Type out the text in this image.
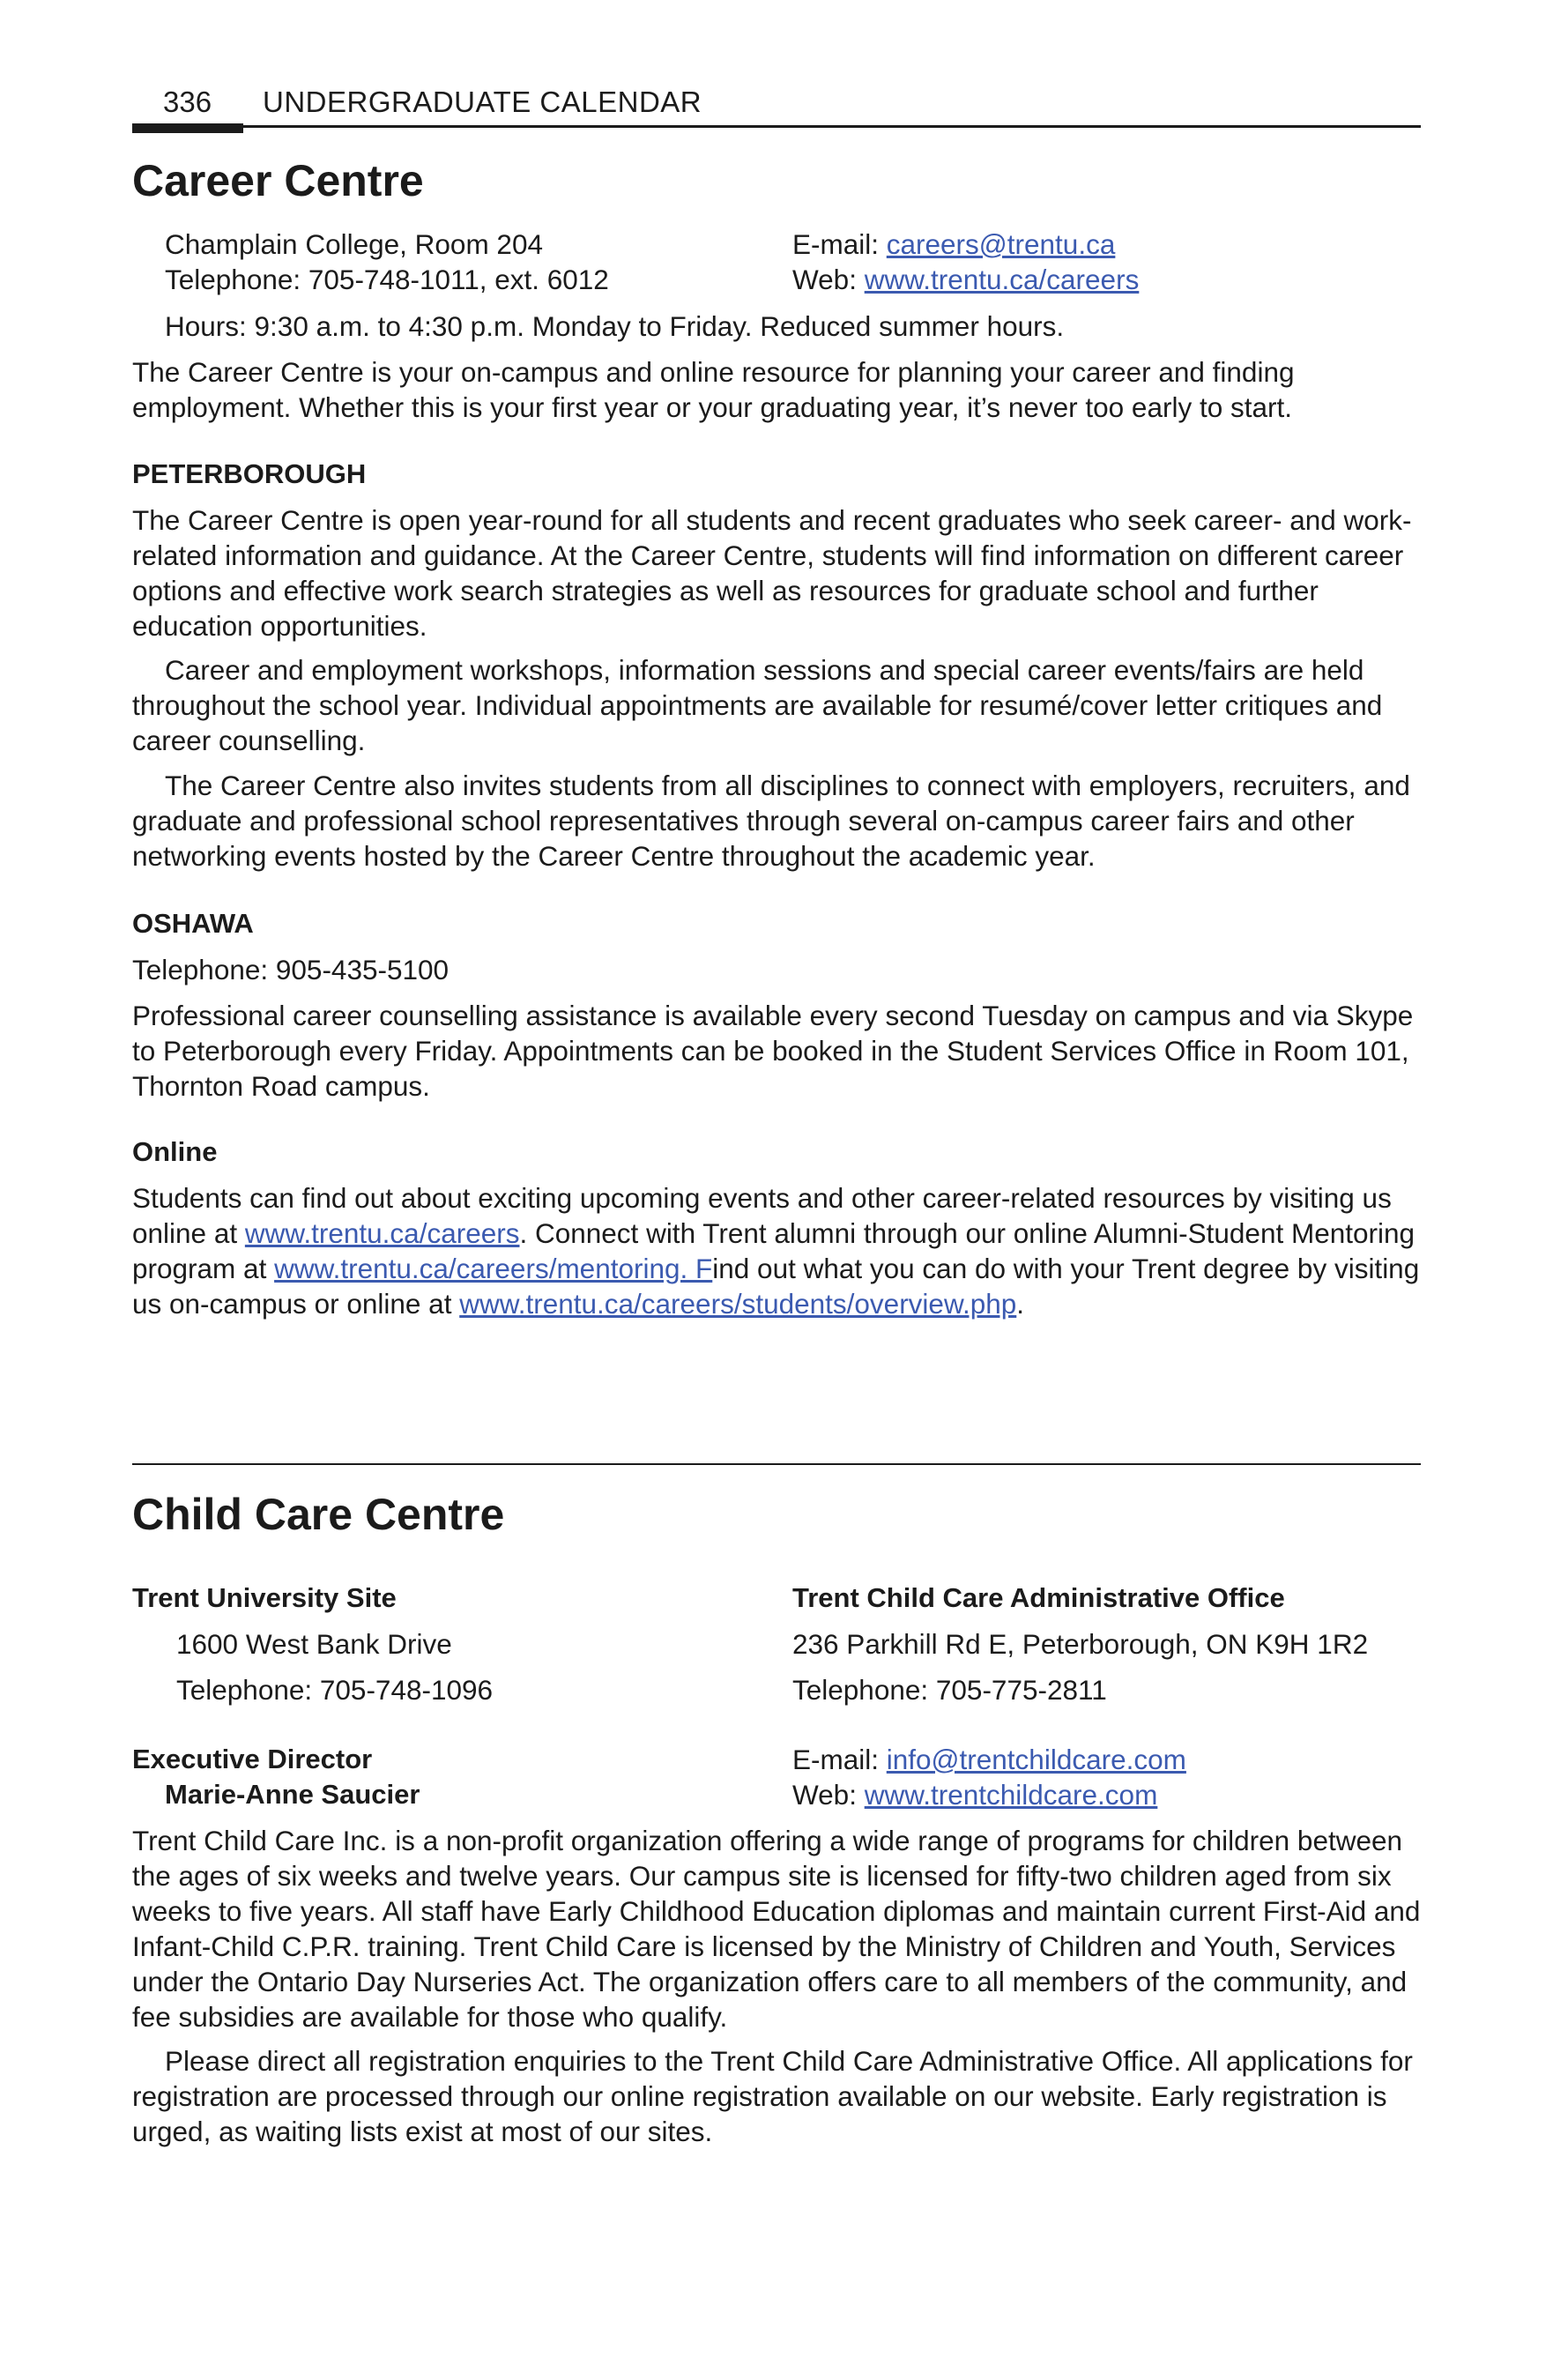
336 UNDERGRADUATE CALENDAR
Career Centre

Champlain College, Room 204

Telephone: 705-748-1011, ext. 6012

E-mail: careers@trentu.ca

Web: www.trentu.ca/careers

Hours: 9:30 a.m. to 4:30 p.m. Monday to Friday. Reduced summer hours.

The Career Centre is your on-campus and online resource for planning your career and finding employment. Whether this is your first year or your graduating year, it’s never too early to start.

PETERBOROUGH

The Career Centre is open year-round for all students and recent graduates who seek career- and work-related information and guidance. At the Career Centre, students will find information on different career options and effective work search strategies as well as resources for graduate school and further education opportunities.

Career and employment workshops, information sessions and special career events/fairs are held throughout the school year. Individual appointments are available for resumé/cover letter critiques and career counselling.

The Career Centre also invites students from all disciplines to connect with employers, recruiters, and graduate and professional school representatives through several on-campus career fairs and other networking events hosted by the Career Centre throughout the academic year.

OSHAWA

Telephone: 905-435-5100

Professional career counselling assistance is available every second Tuesday on campus and via Skype to Peterborough every Friday. Appointments can be booked in the Student Services Office in Room 101, Thornton Road campus.

Online

Students can find out about exciting upcoming events and other career-related resources by visiting us online at www.trentu.ca/careers. Connect with Trent alumni through our online Alumni-Student Mentoring program at www.trentu.ca/careers/mentoring. Find out what you can do with your Trent degree by visiting us on-campus or online at www.trentu.ca/careers/students/overview.php.

Child Care Centre

Trent University Site

1600 West Bank Drive

Telephone: 705-748-1096

Trent Child Care Administrative Office

236 Parkhill Rd E, Peterborough, ON K9H 1R2

Telephone: 705-775-2811

Executive Director

Marie-Anne Saucier

E-mail: info@trentchildcare.com

Web: www.trentchildcare.com

Trent Child Care Inc. is a non-profit organization offering a wide range of programs for children between the ages of six weeks and twelve years. Our campus site is licensed for fifty-two children aged from six weeks to five years. All staff have Early Childhood Education diplomas and maintain current First-Aid and Infant-Child C.P.R. training. Trent Child Care is licensed by the Ministry of Children and Youth, Services under the Ontario Day Nurseries Act. The organization offers care to all members of the community, and fee subsidies are available for those who qualify.

Please direct all registration enquiries to the Trent Child Care Administrative Office. All applications for registration are processed through our online registration available on our website. Early registration is urged, as waiting lists exist at most of our sites.
